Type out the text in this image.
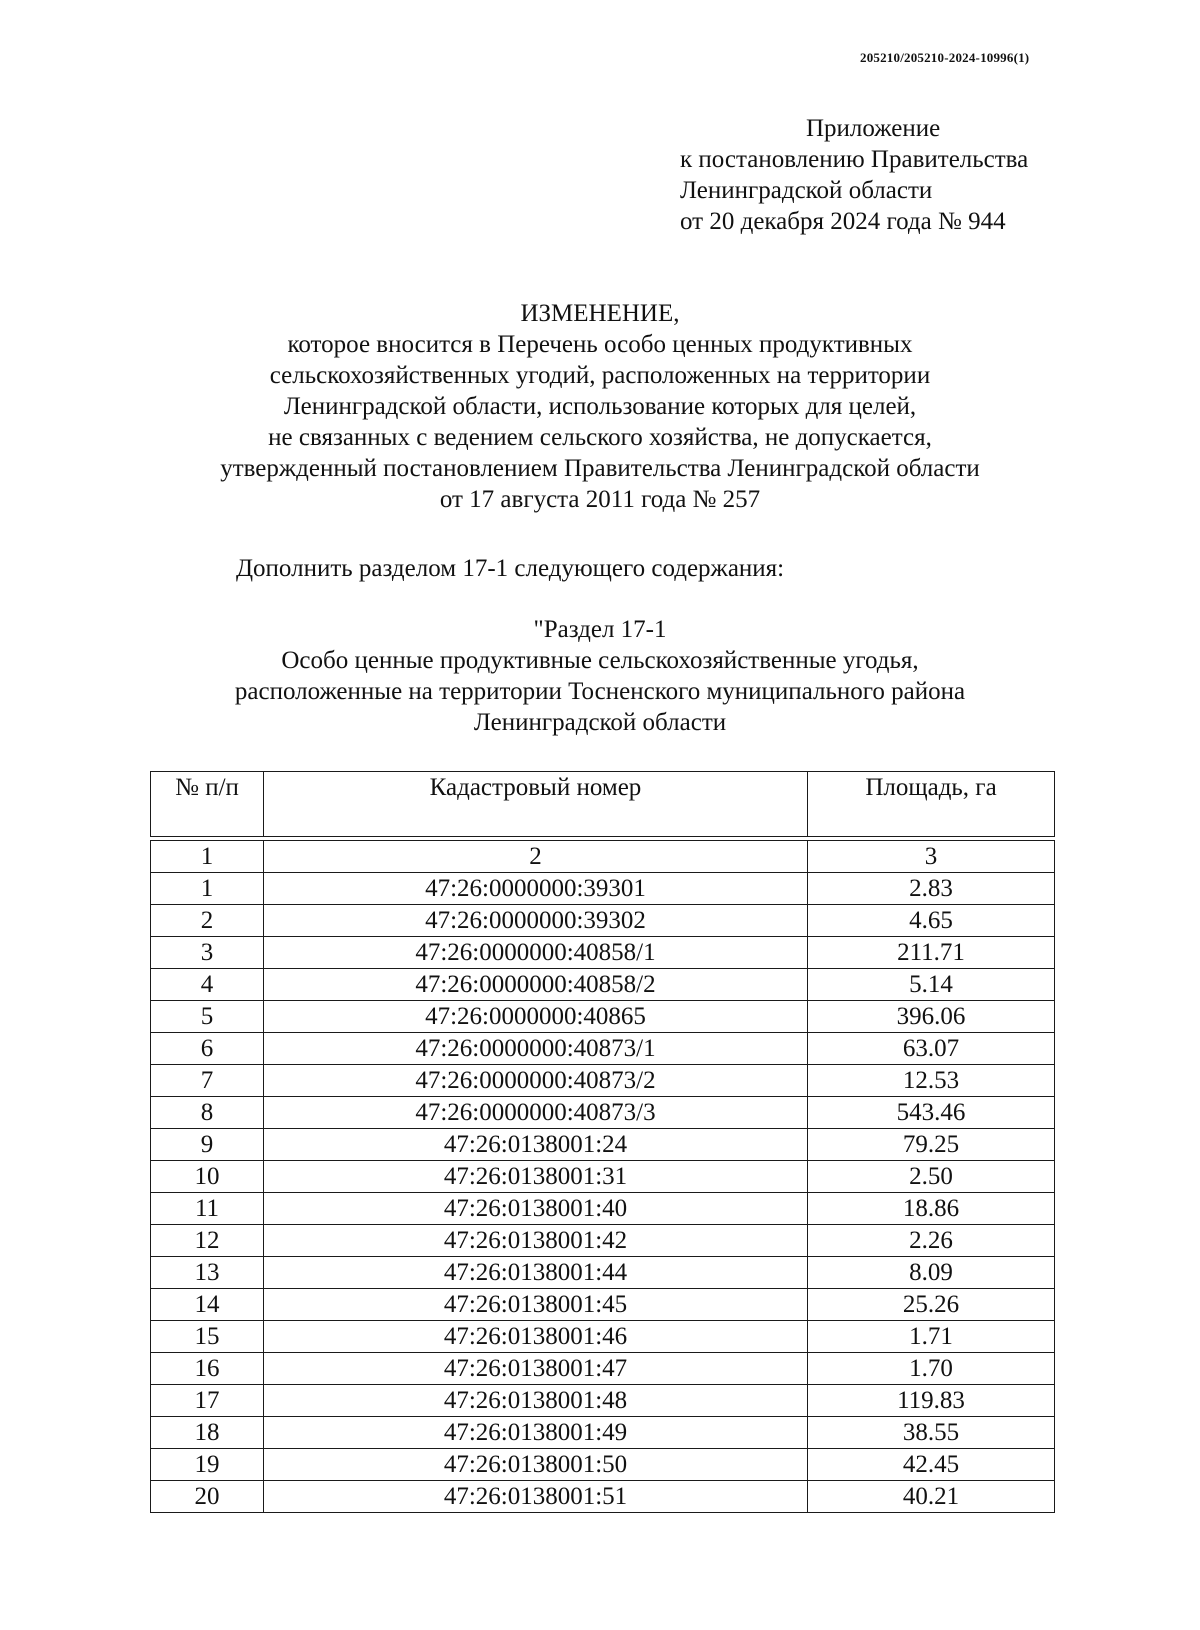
205210/205210-2024-10996(1)
Приложение
к постановлению Правительства
Ленинградской области
от 20 декабря 2024 года № 944
ИЗМЕНЕНИЕ,
которое вносится в Перечень особо ценных продуктивных
сельскохозяйственных угодий, расположенных на территории
Ленинградской области, использование которых для целей,
не связанных с ведением сельского хозяйства, не допускается,
утвержденный постановлением Правительства Ленинградской области
от 17 августа 2011 года № 257
Дополнить разделом 17-1 следующего содержания:
"Раздел 17-1
Особо ценные продуктивные сельскохозяйственные угодья,
расположенные на территории Тосненского муниципального района
Ленинградской области
№ п/п	Кадастровый номер	Площадь, га

1	2	3
1	47:26:0000000:39301	2.83
2	47:26:0000000:39302	4.65
3	47:26:0000000:40858/1	211.71
4	47:26:0000000:40858/2	5.14
5	47:26:0000000:40865	396.06
6	47:26:0000000:40873/1	63.07
7	47:26:0000000:40873/2	12.53
8	47:26:0000000:40873/3	543.46
9	47:26:0138001:24	79.25
10	47:26:0138001:31	2.50
11	47:26:0138001:40	18.86
12	47:26:0138001:42	2.26
13	47:26:0138001:44	8.09
14	47:26:0138001:45	25.26
15	47:26:0138001:46	1.71
16	47:26:0138001:47	1.70
17	47:26:0138001:48	119.83
18	47:26:0138001:49	38.55
19	47:26:0138001:50	42.45
20	47:26:0138001:51	40.21
